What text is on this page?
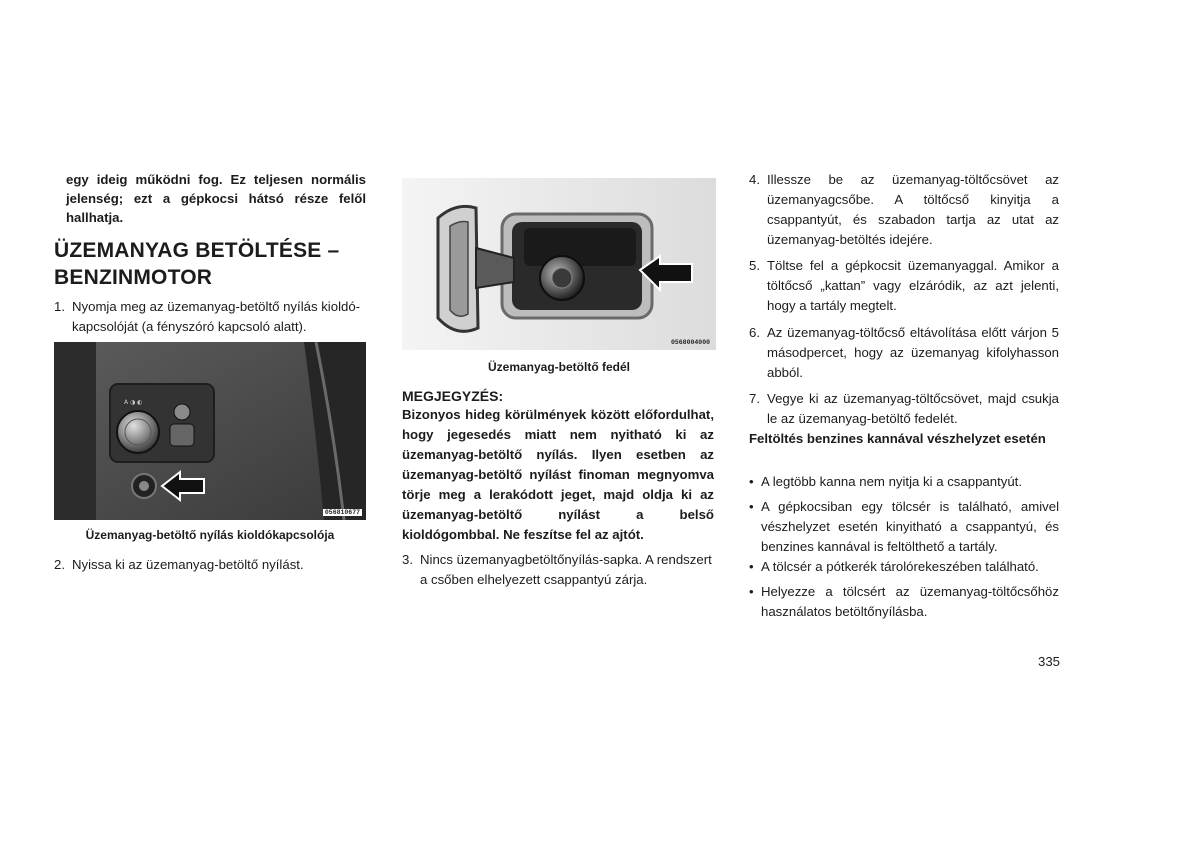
egy ideig működni fog. Ez teljesen normális jelenség; ezt a gépkocsi hátsó része felől hallhatja.

ÜZEMANYAG BETÖLTÉSE –
BENZINMOTOR
1. Nyomja meg az üzemanyag-betöltő nyílás kioldó-kapcsolóját (a fényszóró kapcsoló alatt).
A ◑ ◐
056810677
Üzemanyag-betöltő nyílás kioldókapcsolója
2. Nyissa ki az üzemanyag-betöltő nyílást.
0568004000
Üzemanyag-betöltő fedél
MEGJEGYZÉS:

Bizonyos hideg körülmények között előfordulhat, hogy jegesedés miatt nem nyitható ki az üzemanyag-betöltő nyílás. Ilyen esetben az üzemanyag-betöltő nyílást finoman megnyomva törje meg a lerakódott jeget, majd oldja ki az üzemanyag-betöltő nyílást a belső kioldógombbal. Ne feszítse fel az ajtót.

3. Nincs üzemanyagbetöltőnyílás-sapka. A rendszert a csőben elhelyezett csappantyú zárja.
4. Illessze be az üzemanyag-töltőcsövet az üzemanyagcsőbe. A töltőcső kinyitja a csappantyút, és szabadon tartja az utat az üzemanyag-betöltés idejére.
5. Töltse fel a gépkocsit üzemanyaggal. Amikor a töltőcső „kattan” vagy elzáródik, az azt jelenti, hogy a tartály megtelt.
6. Az üzemanyag-töltőcső eltávolítása előtt várjon 5 másodpercet, hogy az üzemanyag kifolyhasson abból.
7. Vegye ki az üzemanyag-töltőcsövet, majd csukja le az üzemanyag-betöltő fedelét.

Feltöltés benzines kannával vészhelyzet esetén

• A legtöbb kanna nem nyitja ki a csappantyút.
• A gépkocsiban egy tölcsér is található, amivel vészhelyzet esetén kinyitható a csappantyú, és benzines kannával is feltölthető a tartály.
• A tölcsér a pótkerék tárolórekeszében található.
• Helyezze a tölcsért az üzemanyag-töltőcsőhöz használatos betöltőnyílásba.
335
